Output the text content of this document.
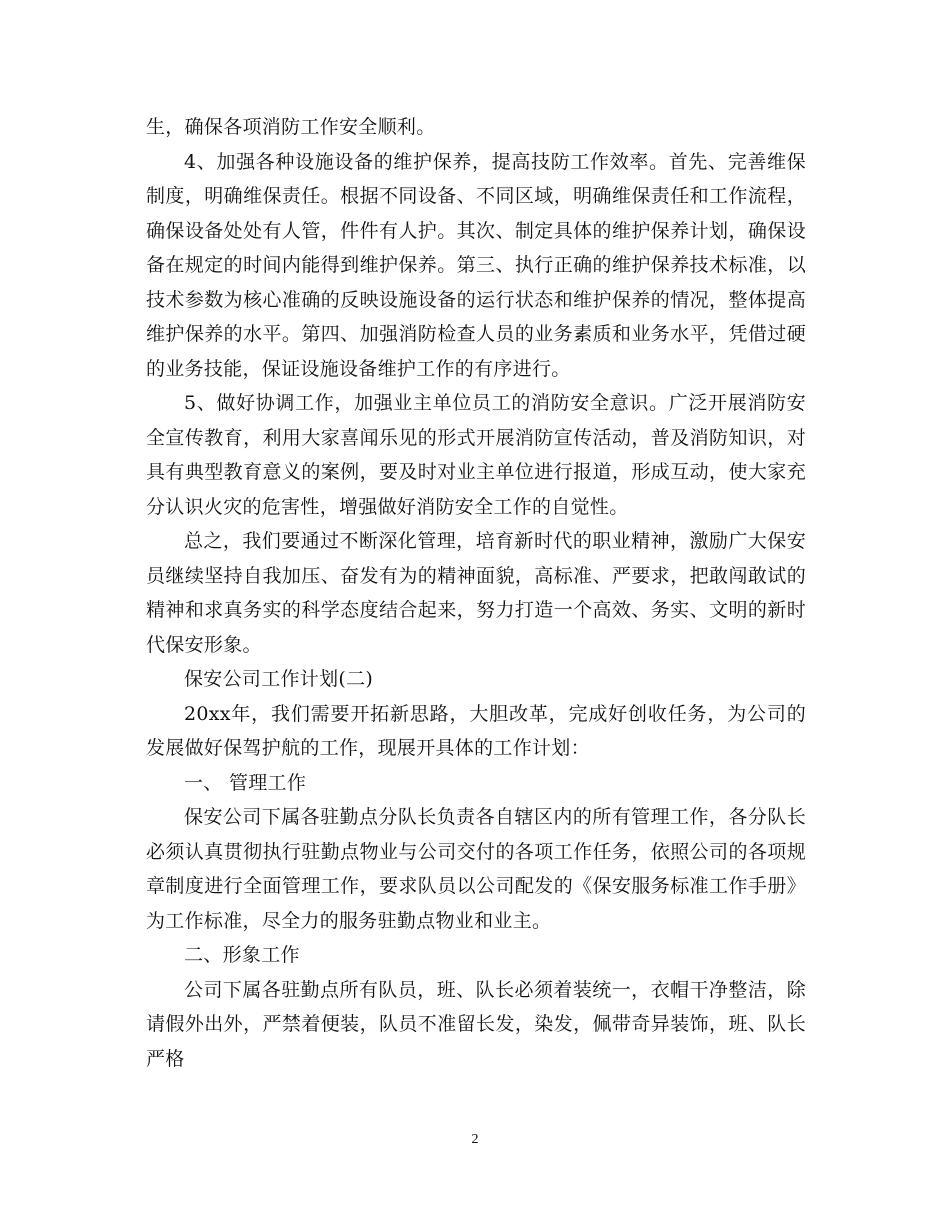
生，确保各项消防工作安全顺利。

4、加强各种设施设备的维护保养，提高技防工作效率。首先、完善维保制度，明确维保责任。根据不同设备、不同区域，明确维保责任和工作流程，确保设备处处有人管，件件有人护。其次、制定具体的维护保养计划，确保设备在规定的时间内能得到维护保养。第三、执行正确的维护保养技术标准，以技术参数为核心准确的反映设施设备的运行状态和维护保养的情况，整体提高维护保养的水平。第四、加强消防检查人员的业务素质和业务水平，凭借过硬的业务技能，保证设施设备维护工作的有序进行。

5、做好协调工作，加强业主单位员工的消防安全意识。广泛开展消防安全宣传教育，利用大家喜闻乐见的形式开展消防宣传活动，普及消防知识，对具有典型教育意义的案例，要及时对业主单位进行报道，形成互动，使大家充分认识火灾的危害性，增强做好消防安全工作的自觉性。

总之，我们要通过不断深化管理，培育新时代的职业精神，激励广大保安员继续坚持自我加压、奋发有为的精神面貌，高标准、严要求，把敢闯敢试的精神和求真务实的科学态度结合起来，努力打造一个高效、务实、文明的新时代保安形象。

保安公司工作计划(二)

20xx年，我们需要开拓新思路，大胆改革，完成好创收任务，为公司的发展做好保驾护航的工作，现展开具体的工作计划：

一、 管理工作

保安公司下属各驻勤点分队长负责各自辖区内的所有管理工作，各分队长必须认真贯彻执行驻勤点物业与公司交付的各项工作任务，依照公司的各项规章制度进行全面管理工作，要求队员以公司配发的《保安服务标准工作手册》为工作标准，尽全力的服务驻勤点物业和业主。

二、形象工作

公司下属各驻勤点所有队员，班、队长必须着装统一，衣帽干净整洁，除请假外出外，严禁着便装，队员不准留长发，染发，佩带奇异装饰，班、队长严格

2
